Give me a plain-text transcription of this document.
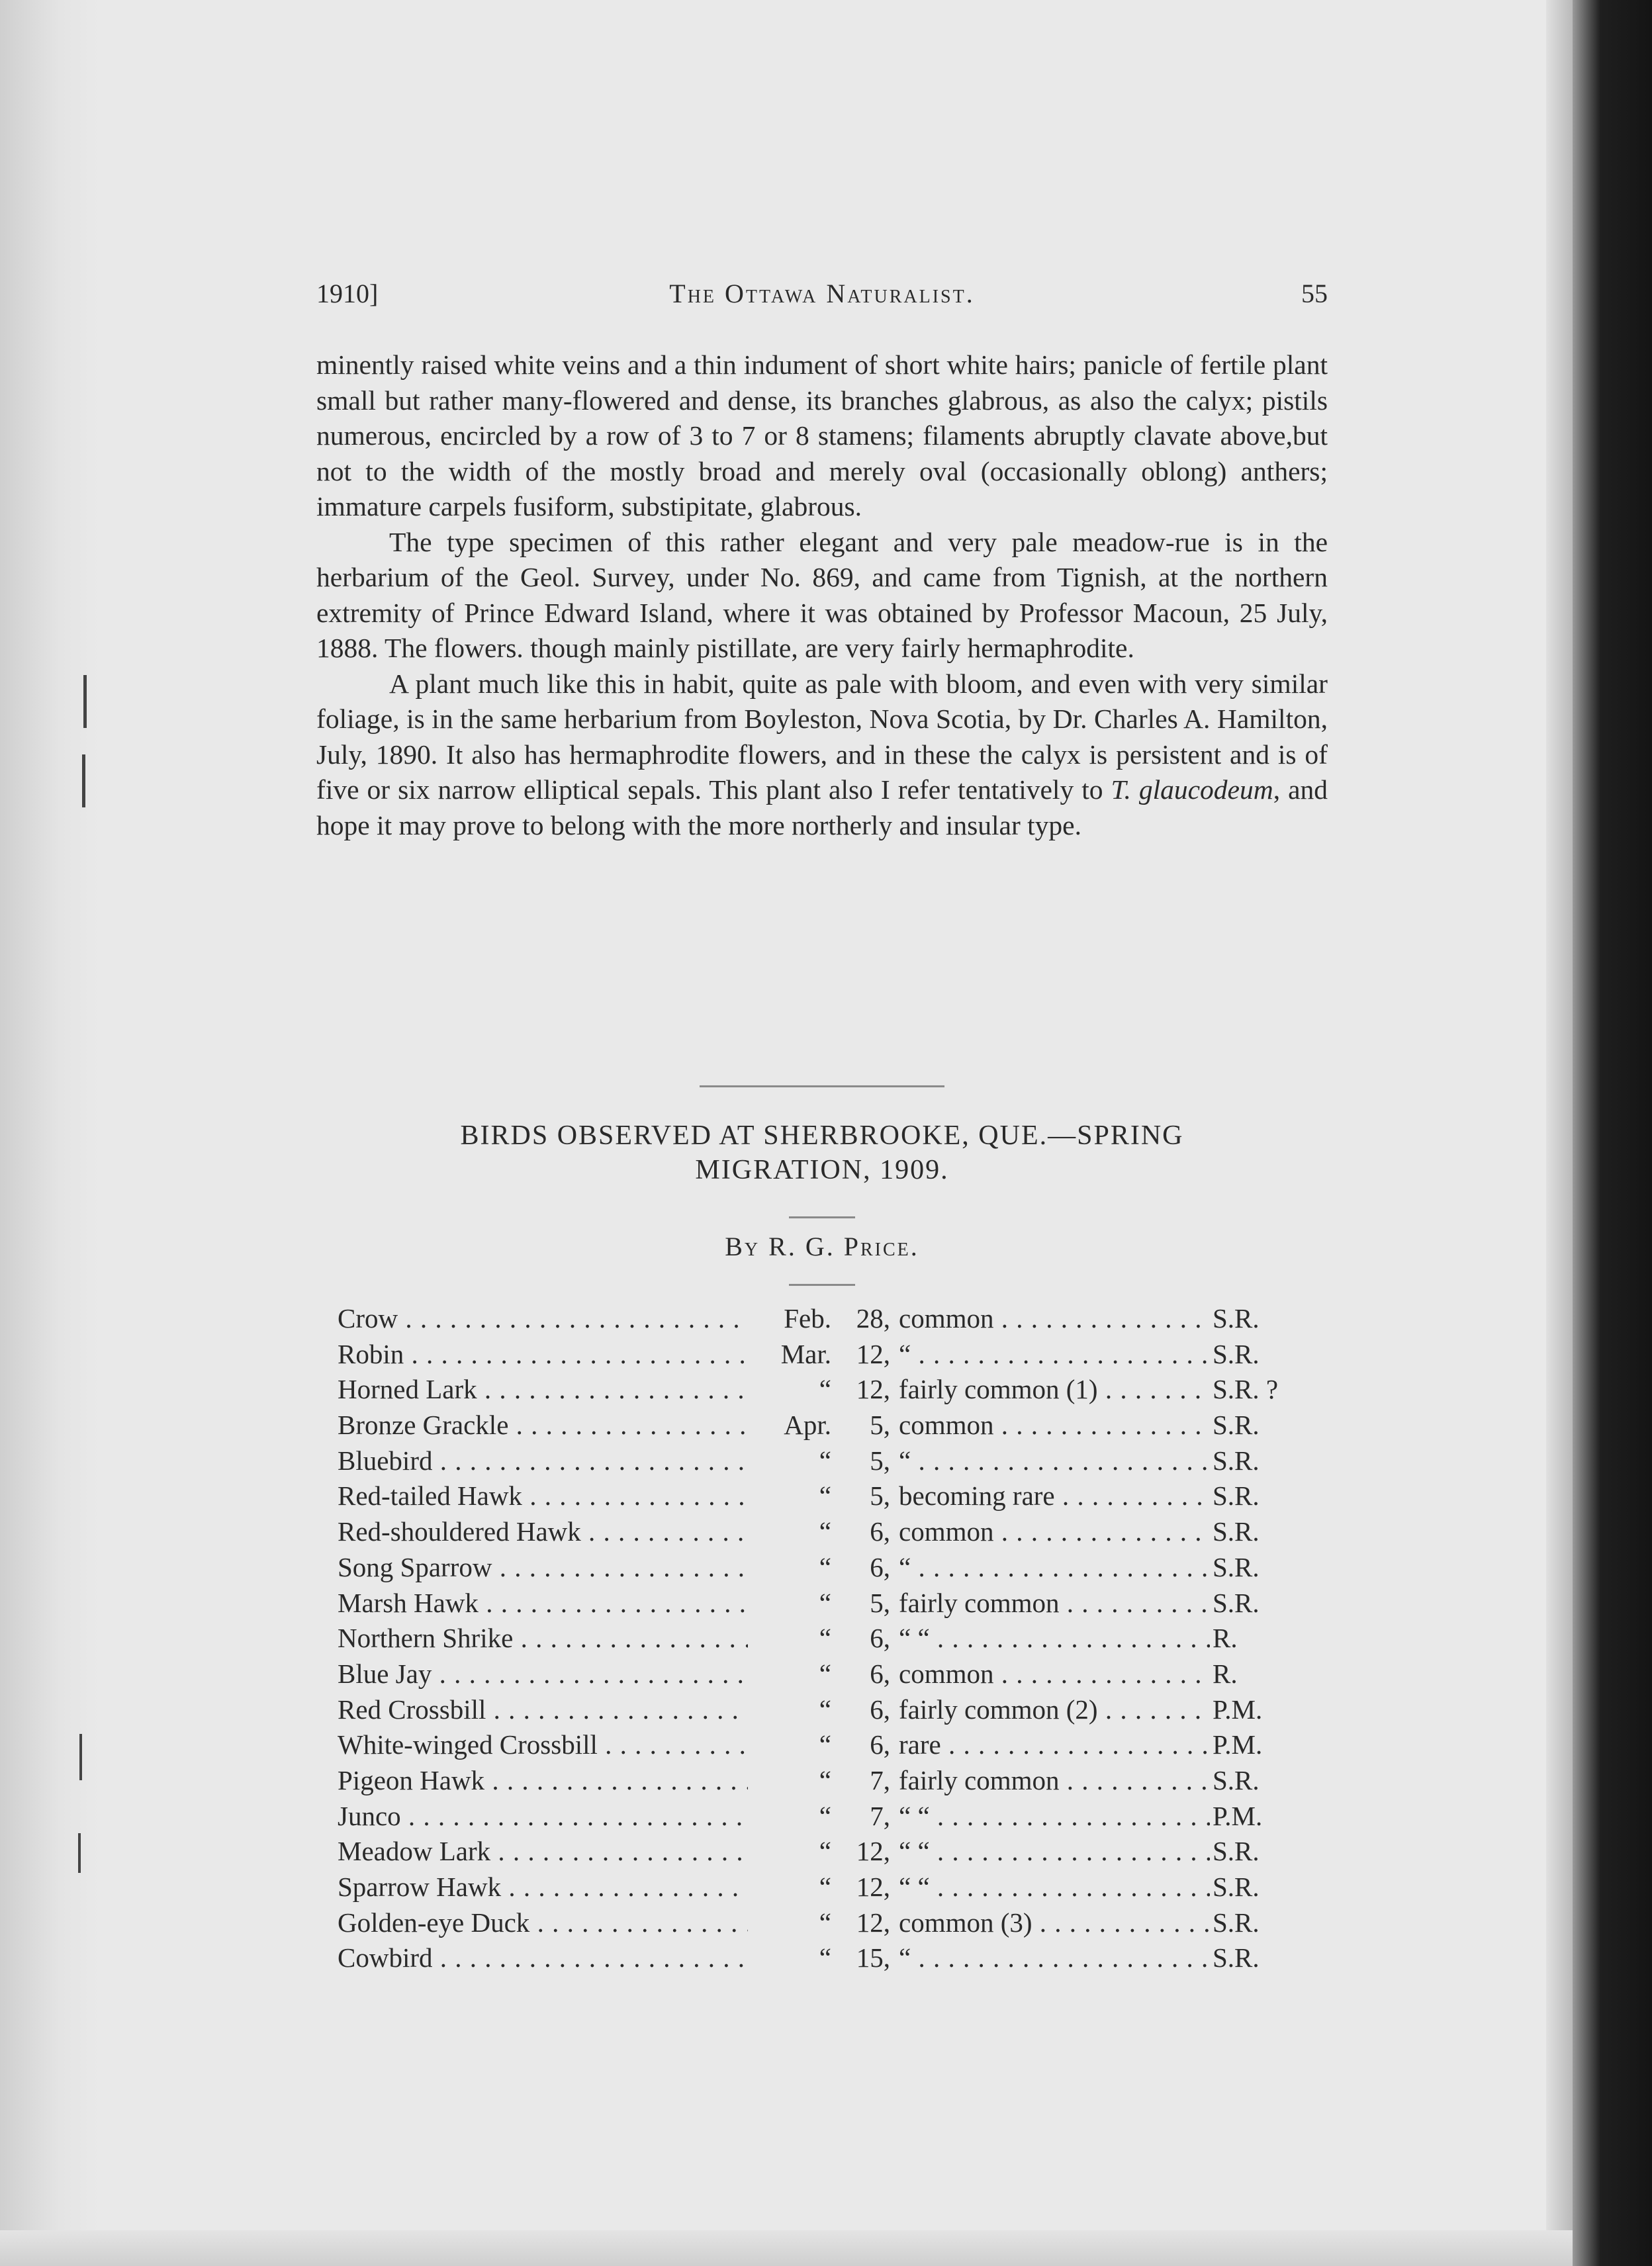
1910]	The Ottawa Naturalist.	55

minently raised white veins and a thin indument of short white hairs; panicle of fertile plant small but rather many-flowered and dense, its branches glabrous, as also the calyx; pistils numerous, encircled by a row of 3 to 7 or 8 stamens; filaments abruptly clavate above,but not to the width of the mostly broad and merely oval (occasionally oblong) anthers; immature carpels fusiform, substipitate, glabrous.

The type specimen of this rather elegant and very pale meadow-rue is in the herbarium of the Geol. Survey, under No. 869, and came from Tignish, at the northern extremity of Prince Edward Island, where it was obtained by Professor Macoun, 25 July, 1888. The flowers. though mainly pistillate, are very fairly hermaphrodite.

A plant much like this in habit, quite as pale with bloom, and even with very similar foliage, is in the same herbarium from Boyleston, Nova Scotia, by Dr. Charles A. Hamilton, July, 1890. It also has hermaphrodite flowers, and in these the calyx is persistent and is of five or six narrow elliptical sepals. This plant also I refer tentatively to T. glaucodeum, and hope it may prove to belong with the more northerly and insular type.

BIRDS OBSERVED AT SHERBROOKE, QUE.—SPRING
MIGRATION, 1909.
By R. G. Price.
Crow . . .	Feb. 28, common . . .	S.R.
Robin . . .	Mar. 12, “ . . .	S.R.
Horned Lark . . .	“ 12, fairly common (1) . . .	S.R. ?
Bronze Grackle . . .	Apr.	5, common . . .	S.R.
Bluebird . . .	“	5, “ . . .	S.R.
Red-tailed Hawk . . .	“	5, becoming rare . . .	S.R.
Red-shouldered Hawk . . .	“	6, common . . .	S.R.
Song Sparrow . . .	“	6, “ . . .	S.R.
Marsh Hawk . . .	“	5, fairly common . . .	S.R.
Northern Shrike . . .	“	6, “ “ . . .	R.
Blue Jay . . .	“	6, common . . .	R.
Red Crossbill . . .	“	6, fairly common (2) . . .	P.M.
White-winged Crossbill . . .	“	6, rare . . .	P.M.
Pigeon Hawk . . .	“	7, fairly common . . .	S.R.
Junco . . .	“	7, “ “ . . .	P.M.
Meadow Lark . . .	“ 12, “ “ . . .	S.R.
Sparrow Hawk . . .	“ 12, “ “ . . .	S.R.
Golden-eye Duck . . .	“ 12, common (3) . . .	S.R.
Cowbird . . .	“ 15, “ . . .	S.R.
